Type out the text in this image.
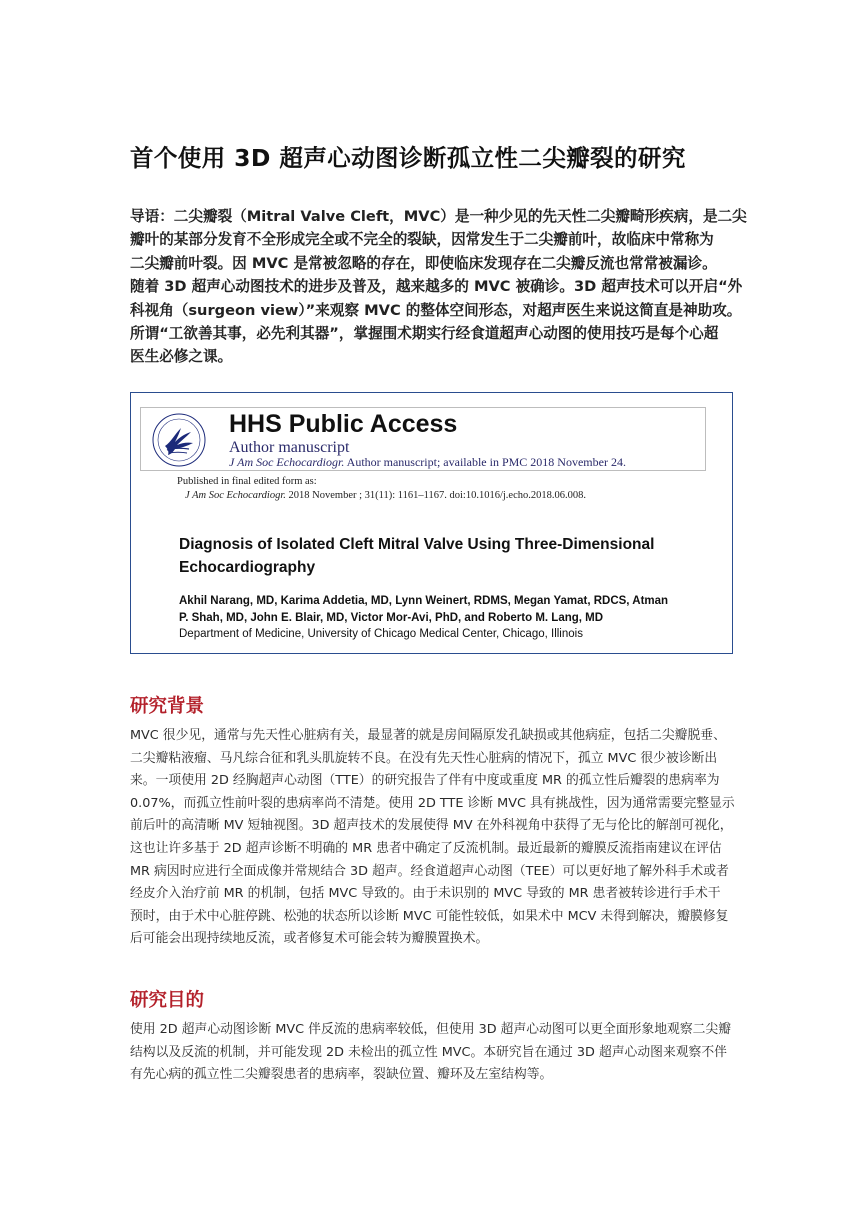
首个使用 3D 超声心动图诊断孤立性二尖瓣裂的研究

导语：二尖瓣裂（Mitral Valve Cleft，MVC）是一种少见的先天性二尖瓣畸形疾病，是二尖

瓣叶的某部分发育不全形成完全或不完全的裂缺，因常发生于二尖瓣前叶，故临床中常称为

二尖瓣前叶裂。因 MVC 是常被忽略的存在，即使临床发现存在二尖瓣反流也常常被漏诊。

随着 3D 超声心动图技术的进步及普及，越来越多的 MVC 被确诊。3D 超声技术可以开启“外

科视角（surgeon view）”来观察 MVC 的整体空间形态，对超声医生来说这简直是神助攻。

所谓“工欲善其事，必先利其器”，掌握围术期实行经食道超声心动图的使用技巧是每个心超

医生必修之课。

HHS Public Access
Author manuscript
J Am Soc Echocardiogr. Author manuscript; available in PMC 2018 November 24.
Published in final edited form as:
J Am Soc Echocardiogr. 2018 November ; 31(11): 1161–1167. doi:10.1016/j.echo.2018.06.008.
Diagnosis of Isolated Cleft Mitral Valve Using Three-Dimensional
Echocardiography
Akhil Narang, MD, Karima Addetia, MD, Lynn Weinert, RDMS, Megan Yamat, RDCS, Atman
P. Shah, MD, John E. Blair, MD, Victor Mor-Avi, PhD, and Roberto M. Lang, MD
Department of Medicine, University of Chicago Medical Center, Chicago, Illinois
研究背景

MVC 很少见，通常与先天性心脏病有关，最显著的就是房间隔原发孔缺损或其他病症，包括二尖瓣脱垂、

二尖瓣粘液瘤、马凡综合征和乳头肌旋转不良。在没有先天性心脏病的情况下，孤立 MVC 很少被诊断出

来。一项使用 2D 经胸超声心动图（TTE）的研究报告了伴有中度或重度 MR 的孤立性后瓣裂的患病率为

0.07%，而孤立性前叶裂的患病率尚不清楚。使用 2D TTE 诊断 MVC 具有挑战性，因为通常需要完整显示

前后叶的高清晰 MV 短轴视图。3D 超声技术的发展使得 MV 在外科视角中获得了无与伦比的解剖可视化，

这也让许多基于 2D 超声诊断不明确的 MR 患者中确定了反流机制。最近最新的瓣膜反流指南建议在评估

MR 病因时应进行全面成像并常规结合 3D 超声。经食道超声心动图（TEE）可以更好地了解外科手术或者

经皮介入治疗前 MR 的机制，包括 MVC 导致的。由于未识别的 MVC 导致的 MR 患者被转诊进行手术干

预时，由于术中心脏停跳、松弛的状态所以诊断 MVC 可能性较低，如果术中 MCV 未得到解决，瓣膜修复

后可能会出现持续地反流，或者修复术可能会转为瓣膜置换术。

研究目的

使用 2D 超声心动图诊断 MVC 伴反流的患病率较低，但使用 3D 超声心动图可以更全面形象地观察二尖瓣

结构以及反流的机制，并可能发现 2D 未检出的孤立性 MVC。本研究旨在通过 3D 超声心动图来观察不伴

有先心病的孤立性二尖瓣裂患者的患病率，裂缺位置、瓣环及左室结构等。
